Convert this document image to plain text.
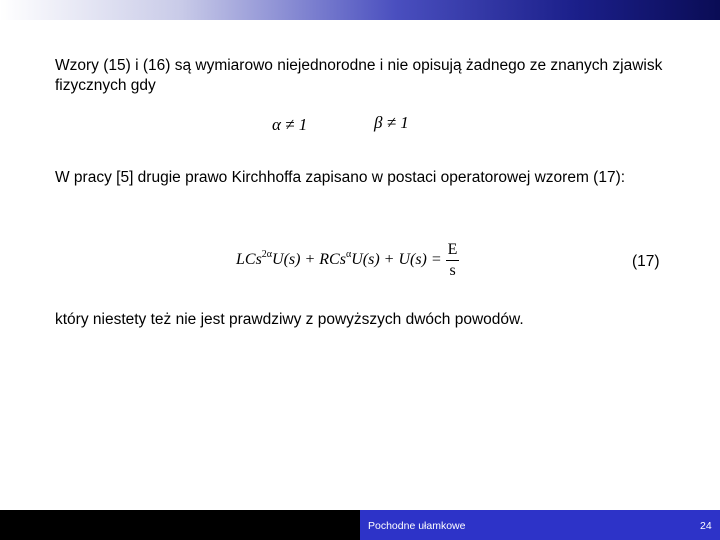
Wzory (15) i (16) są wymiarowo niejednorodne i nie opisują żadnego ze znanych zjawisk fizycznych gdy
α ≠ 1	β ≠ 1
W pracy [5] drugie prawo Kirchhoffa zapisano w postaci operatorowej wzorem (17):
$LCs^{2\alpha}U(s) + RCs^\alpha U(s) + U(s) = \frac{E}{s}$	(17)
który niestety też nie jest prawdziwy z powyższych dwóch powodów.
Pochodne ułamkowe	24
